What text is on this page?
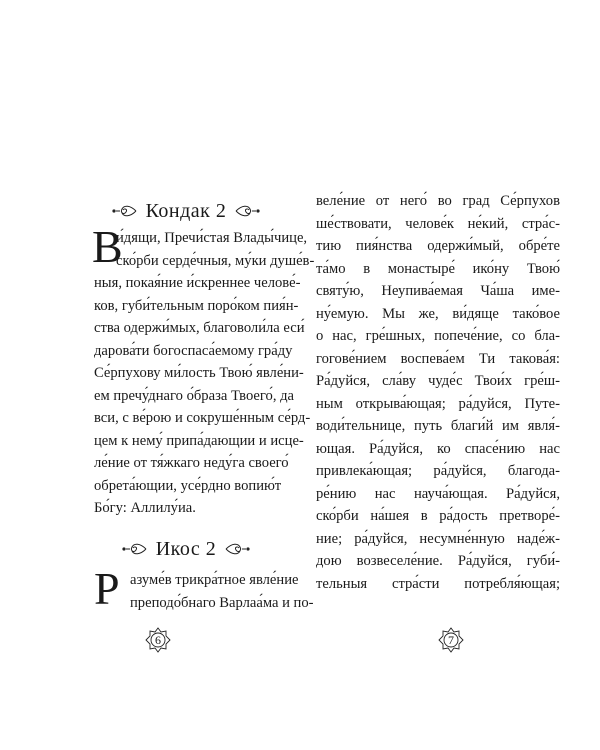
Кондак 2
В
и́дящи, Пречи́стая Влады́чице,
ско́рби серде́чныя, му́ки душе́в-
ныя, покая́ние и́скреннее челове́-
ков, губи́тельным поро́ком пия́н-
ства одержи́мых, благоволи́ла еси́
дарова́ти богоспаса́емому гра́ду
Се́рпухову ми́лость Твою́ явле́ни-
ем пречу́днаго о́браза Твоего́, да
вси, с ве́рою и сокруше́нным се́рд-
цем к нему́ припа́дающии и исце-
ле́ние от тя́жкаго неду́га своего́
обрета́ющии, усе́рдно вопию́т
Бо́гу: Аллилу́иа.
Икос 2
Р азуме́в трикра́тное явле́ние
преподо́бнаго Варлаа́ма и по-
6
веле́ние от него́ во град Се́рпухов
ше́ствовати, челове́к не́кий, стра́с-
тию пия́нства одержи́мый, обре́те
та́мо в монастыре́ ико́ну Твою́
святу́ю, Неупива́емая Ча́ша име-
ну́емую. Мы же, ви́дяще тако́вое
о нас, гре́шных, попече́ние, со бла-
гогове́нием воспева́ем Ти такова́я:
Ра́дуйся, сла́ву чуде́с Твои́х гре́ш-
ным открыва́ющая; ра́дуйся, Путе-
води́тельнице, путь благи́й им явля́-
ющая. Ра́дуйся, ко спасе́нию нас
привлека́ющая; ра́дуйся, благода-
ре́нию нас науча́ющая. Ра́дуйся,
ско́рби на́шея в ра́дость претворе́-
ние; ра́дуйся, несумне́нную наде́ж-
дою возвеселе́ние. Ра́дуйся, губи́-
тельныя стра́сти потребля́ющая;
7
